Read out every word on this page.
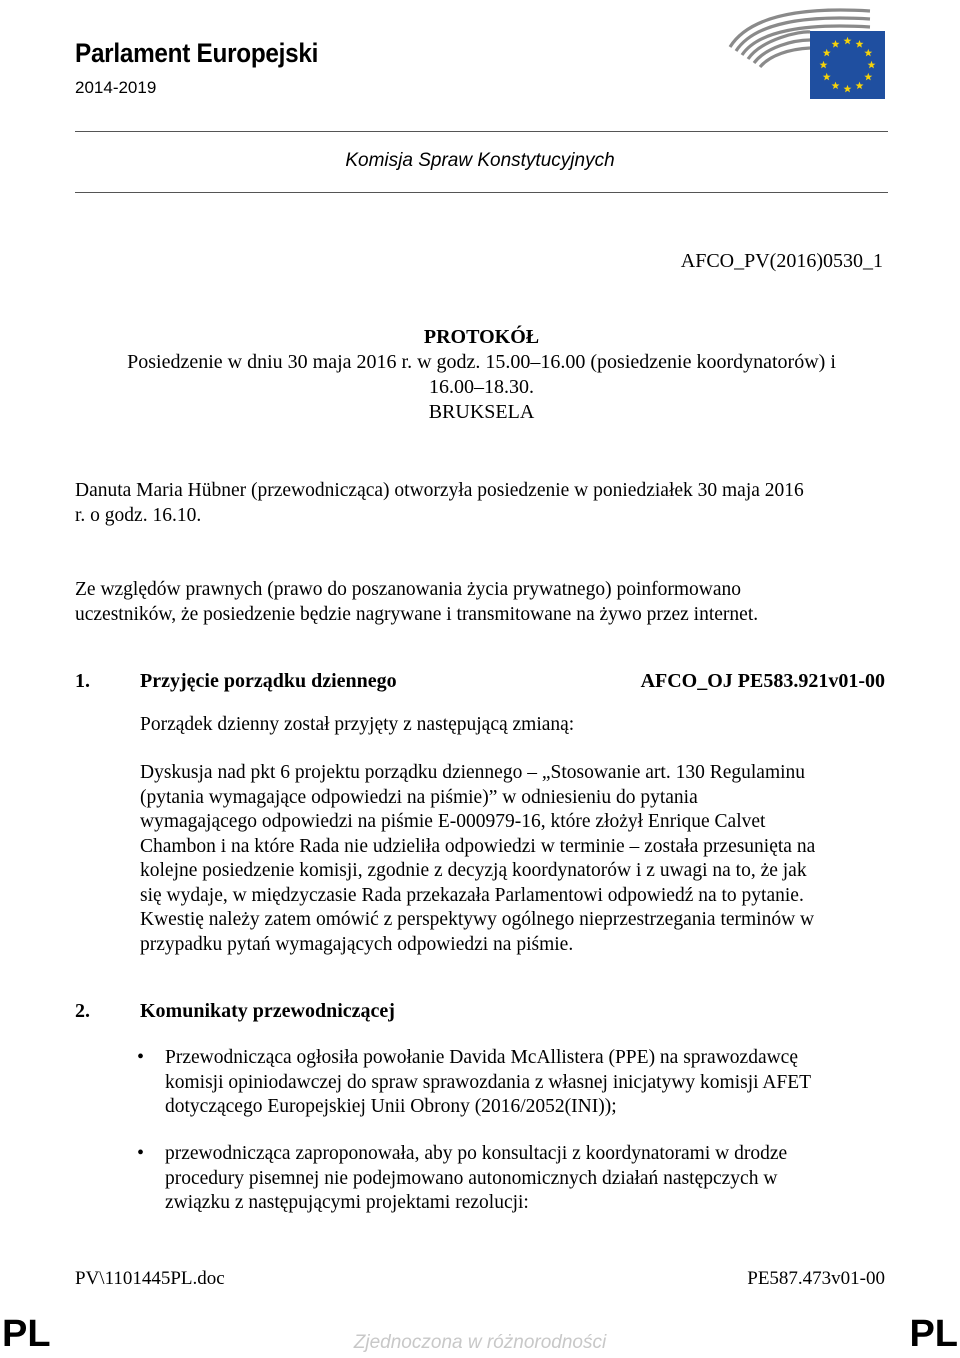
Parlament Europejski
2014-2019
Komisja Spraw Konstytucyjnych
AFCO_PV(2016)0530_1
PROTOKÓŁ
Posiedzenie w dniu 30 maja 2016 r. w godz. 15.00–16.00 (posiedzenie koordynatorów) i
16.00–18.30.
BRUKSELA
Danuta Maria Hübner (przewodnicząca) otworzyła posiedzenie w poniedziałek 30 maja 2016
r. o godz. 16.10.
Ze względów prawnych (prawo do poszanowania życia prywatnego) poinformowano
uczestników, że posiedzenie będzie nagrywane i transmitowane na żywo przez internet.
1.	Przyjęcie porządku dziennego	AFCO_OJ PE583.921v01-00
Porządek dzienny został przyjęty z następującą zmianą:
Dyskusja nad pkt 6 projektu porządku dziennego – „Stosowanie art. 130 Regulaminu
(pytania wymagające odpowiedzi na piśmie)” w odniesieniu do pytania
wymagającego odpowiedzi na piśmie E-000979-16, które złożył Enrique Calvet
Chambon i na które Rada nie udzieliła odpowiedzi w terminie – została przesunięta na
kolejne posiedzenie komisji, zgodnie z decyzją koordynatorów i z uwagi na to, że jak
się wydaje, w międzyczasie Rada przekazała Parlamentowi odpowiedź na to pytanie.
Kwestię należy zatem omówić z perspektywy ogólnego nieprzestrzegania terminów w
przypadku pytań wymagających odpowiedzi na piśmie.
2.	Komunikaty przewodniczącej
• Przewodnicząca ogłosiła powołanie Davida McAllistera (PPE) na sprawozdawcę
komisji opiniodawczej do spraw sprawozdania z własnej inicjatywy komisji AFET
dotyczącego Europejskiej Unii Obrony (2016/2052(INI));
• przewodnicząca zaproponowała, aby po konsultacji z koordynatorami w drodze
procedury pisemnej nie podejmowano autonomicznych działań następczych w
związku z następującymi projektami rezolucji:
PV\1101445PL.doc	PE587.473v01-00
PL	PL
Zjednoczona w różnorodności
